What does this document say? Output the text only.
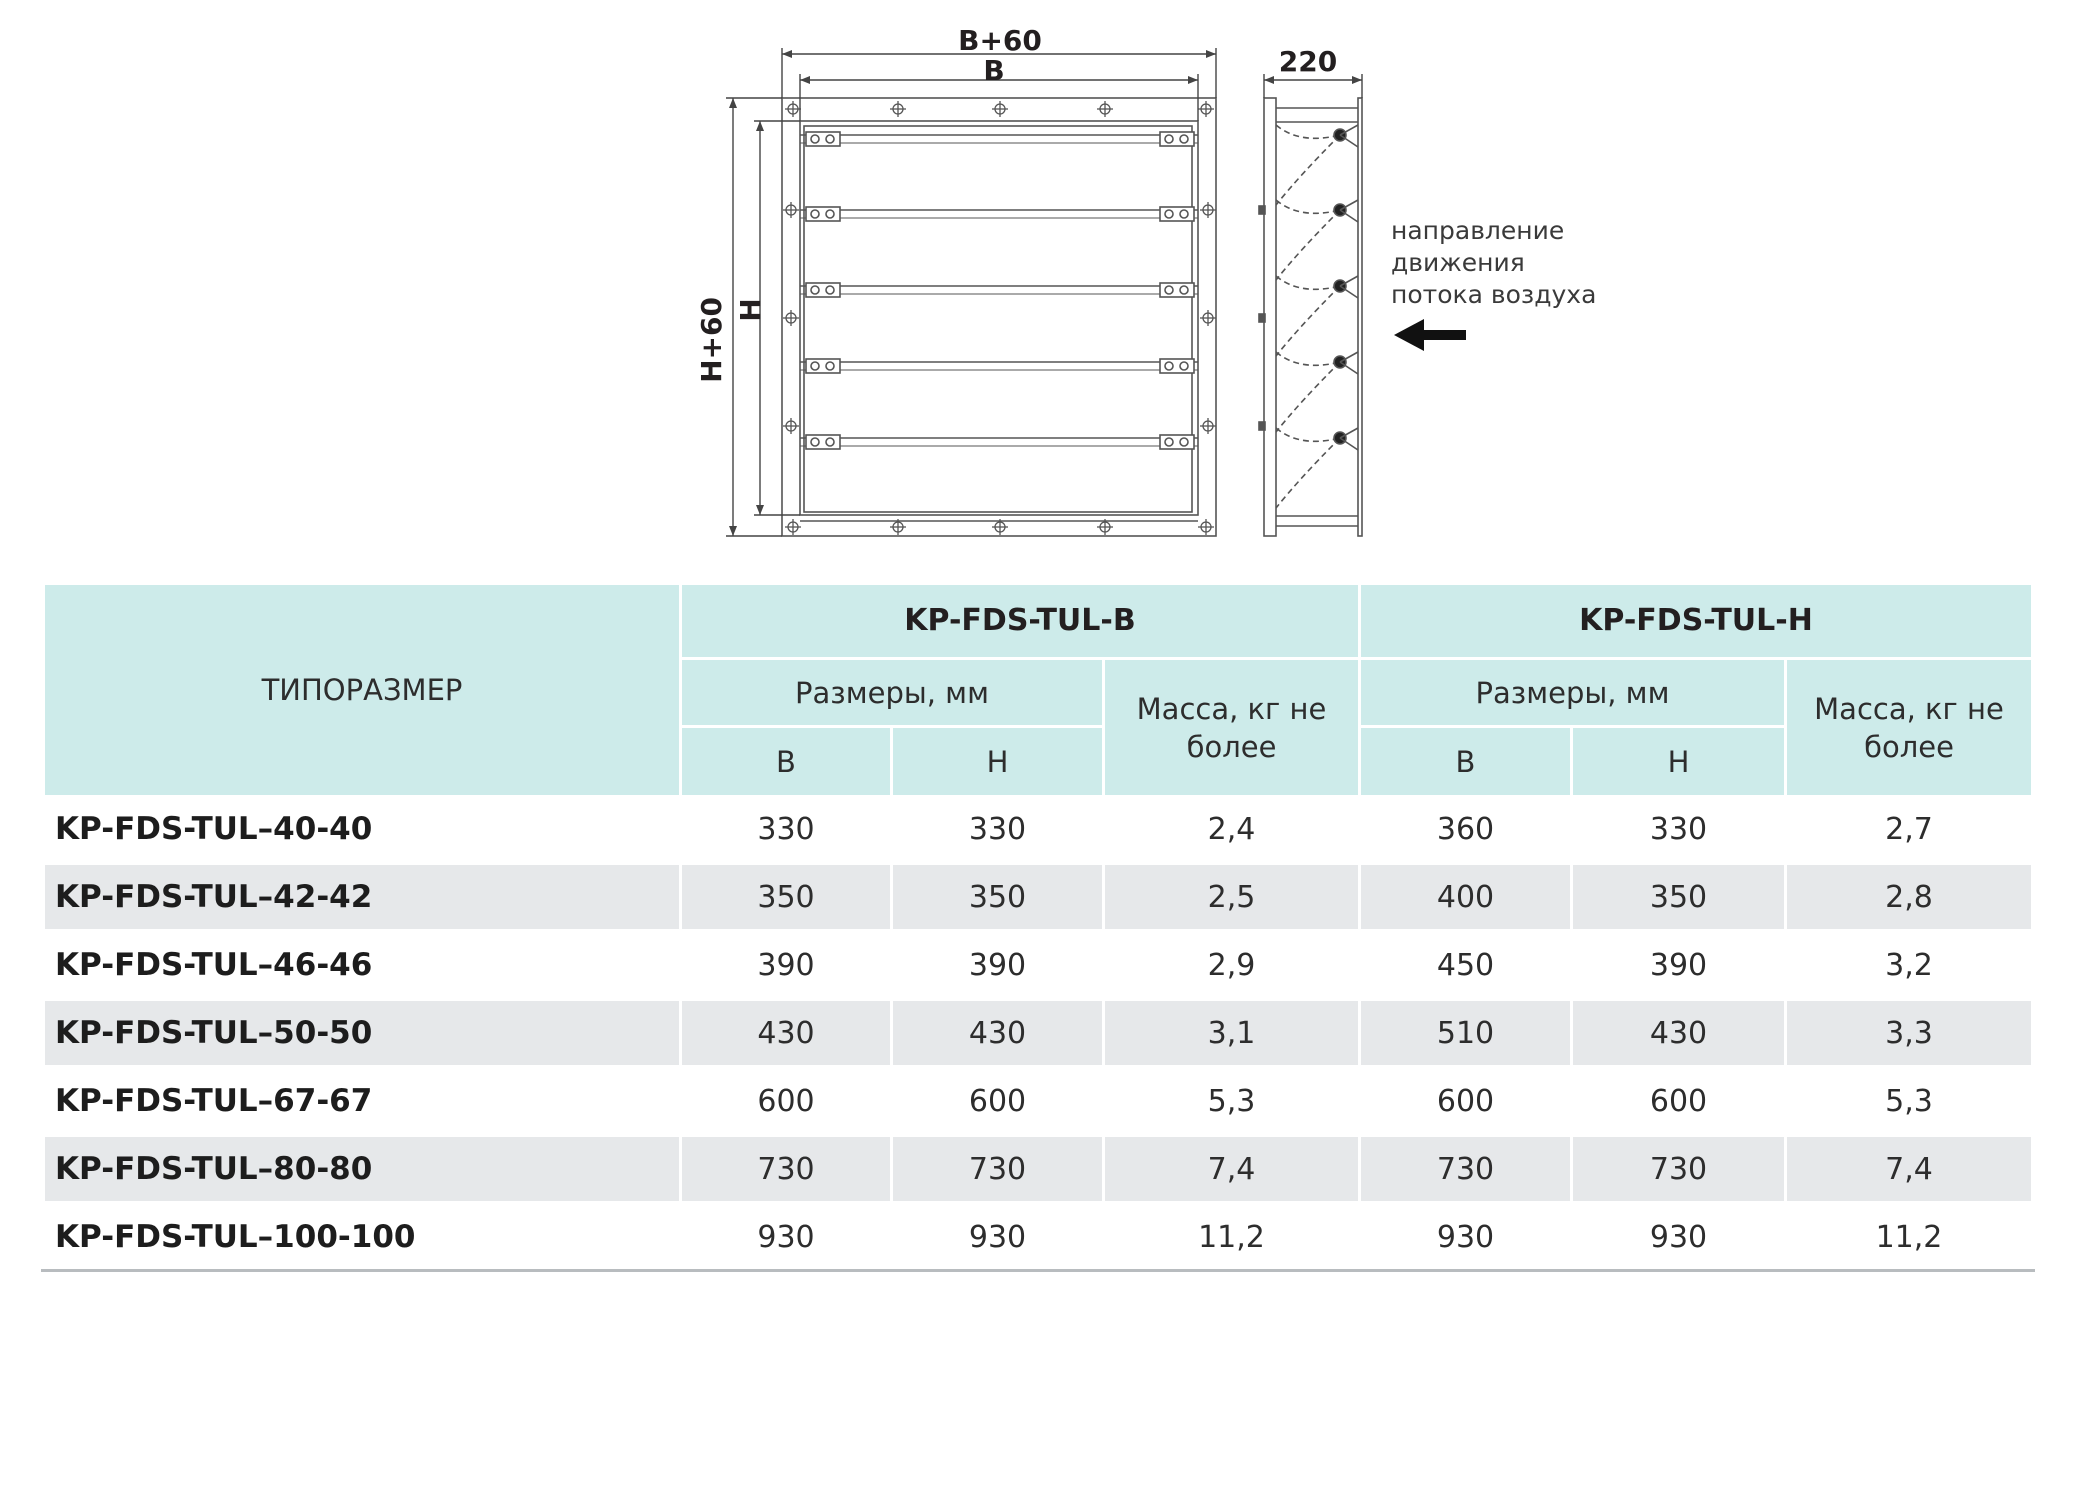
B+60
B
H+60 H
220
направление
движения
потока воздуха
ТИПОРАЗМЕР
KP-FDS-TUL-B	KP-FDS-TUL-H
Размеры, мм	Масса, кг не более
Размеры, мм	Масса, кг не более
B	H	B	H
KP-FDS-TUL–40-40	330	330	2,4	360	330	2,7
KP-FDS-TUL–42-42	350	350	2,5	400	350	2,8
KP-FDS-TUL–46-46	390	390	2,9	450	390	3,2
KP-FDS-TUL–50-50	430	430	3,1	510	430	3,3
KP-FDS-TUL–67-67	600	600	5,3	600	600	5,3
KP-FDS-TUL–80-80	730	730	7,4	730	730	7,4
KP-FDS-TUL–100-100	930	930	11,2	930	930	11,2
